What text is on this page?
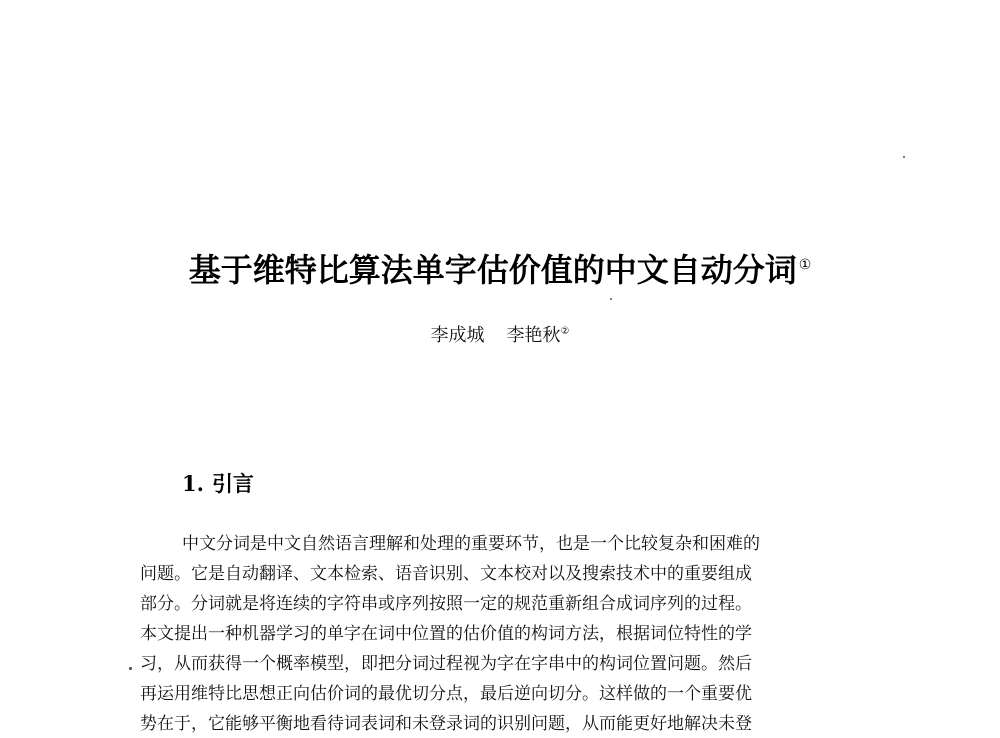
基于维特比算法单字估价值的中文自动分词 ①
李成城 李艳秋②
1. 引言
中文分词是中文自然语言理解和处理的重要环节，也是一个比较复杂和困难的
问题。它是自动翻译、文本检索、语音识别、文本校对以及搜索技术中的重要组成
部分。分词就是将连续的字符串或序列按照一定的规范重新组合成词序列的过程。
本文提出一种机器学习的单字在词中位置的估价值的构词方法，根据词位特性的学
习，从而获得一个概率模型，即把分词过程视为字在字串中的构词位置问题。然后
再运用维特比思想正向估价词的最优切分点，最后逆向切分。这样做的一个重要优
势在于，它能够平衡地看待词表词和未登录词的识别问题，从而能更好地解决未登
